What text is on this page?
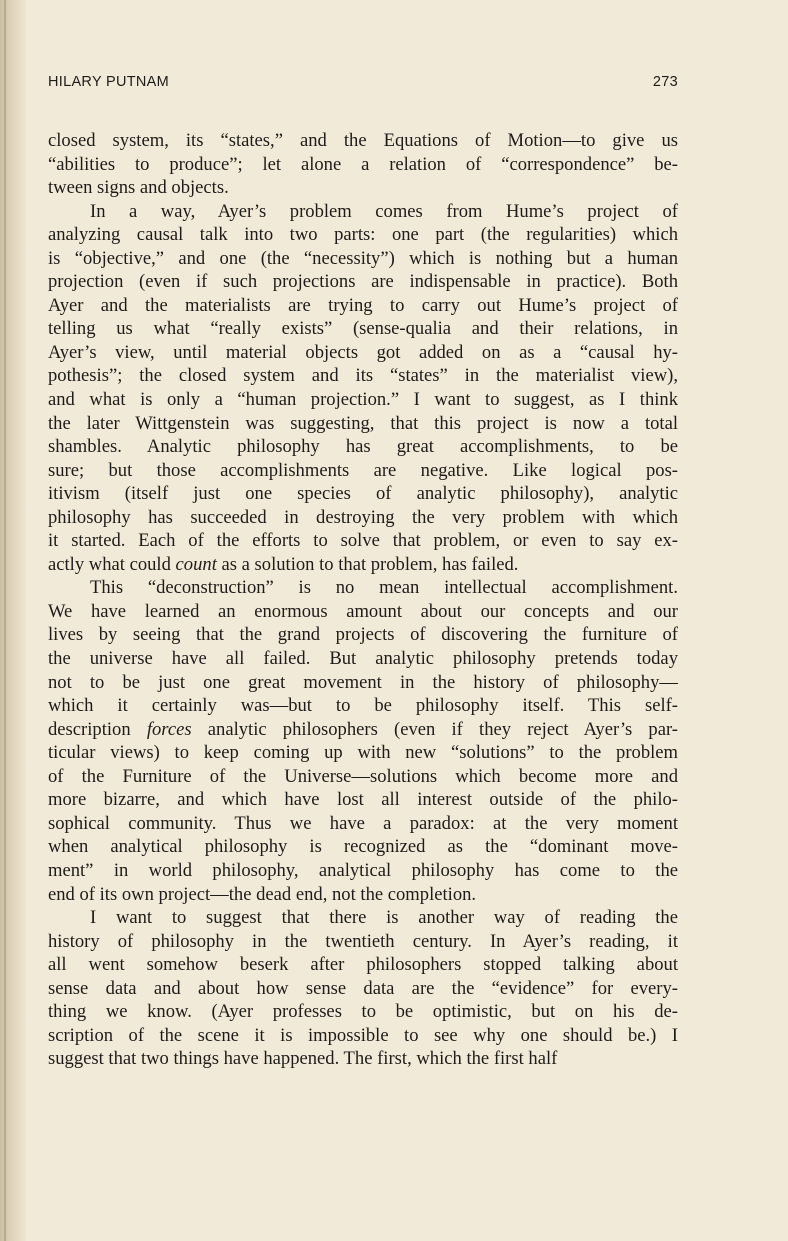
HILARY PUTNAM	273
closed system, its “states,” and the Equations of Motion—to give us
“abilities to produce”; let alone a relation of “correspondence” be-
tween signs and objects.
In a way, Ayer’s problem comes from Hume’s project of
analyzing causal talk into two parts: one part (the regularities) which
is “objective,” and one (the “necessity”) which is nothing but a human
projection (even if such projections are indispensable in practice). Both
Ayer and the materialists are trying to carry out Hume’s project of
telling us what “really exists” (sense-qualia and their relations, in
Ayer’s view, until material objects got added on as a “causal hy-
pothesis”; the closed system and its “states” in the materialist view),
and what is only a “human projection.” I want to suggest, as I think
the later Wittgenstein was suggesting, that this project is now a total
shambles. Analytic philosophy has great accomplishments, to be
sure; but those accomplishments are negative. Like logical pos-
itivism (itself just one species of analytic philosophy), analytic
philosophy has succeeded in destroying the very problem with which
it started. Each of the efforts to solve that problem, or even to say ex-
actly what could count as a solution to that problem, has failed.
This “deconstruction” is no mean intellectual accomplishment.
We have learned an enormous amount about our concepts and our
lives by seeing that the grand projects of discovering the furniture of
the universe have all failed. But analytic philosophy pretends today
not to be just one great movement in the history of philosophy—
which it certainly was—but to be philosophy itself. This self-
description forces analytic philosophers (even if they reject Ayer’s par-
ticular views) to keep coming up with new “solutions” to the problem
of the Furniture of the Universe—solutions which become more and
more bizarre, and which have lost all interest outside of the philo-
sophical community. Thus we have a paradox: at the very moment
when analytical philosophy is recognized as the “dominant move-
ment” in world philosophy, analytical philosophy has come to the
end of its own project—the dead end, not the completion.
I want to suggest that there is another way of reading the
history of philosophy in the twentieth century. In Ayer’s reading, it
all went somehow beserk after philosophers stopped talking about
sense data and about how sense data are the “evidence” for every-
thing we know. (Ayer professes to be optimistic, but on his de-
scription of the scene it is impossible to see why one should be.) I
suggest that two things have happened. The first, which the first half
